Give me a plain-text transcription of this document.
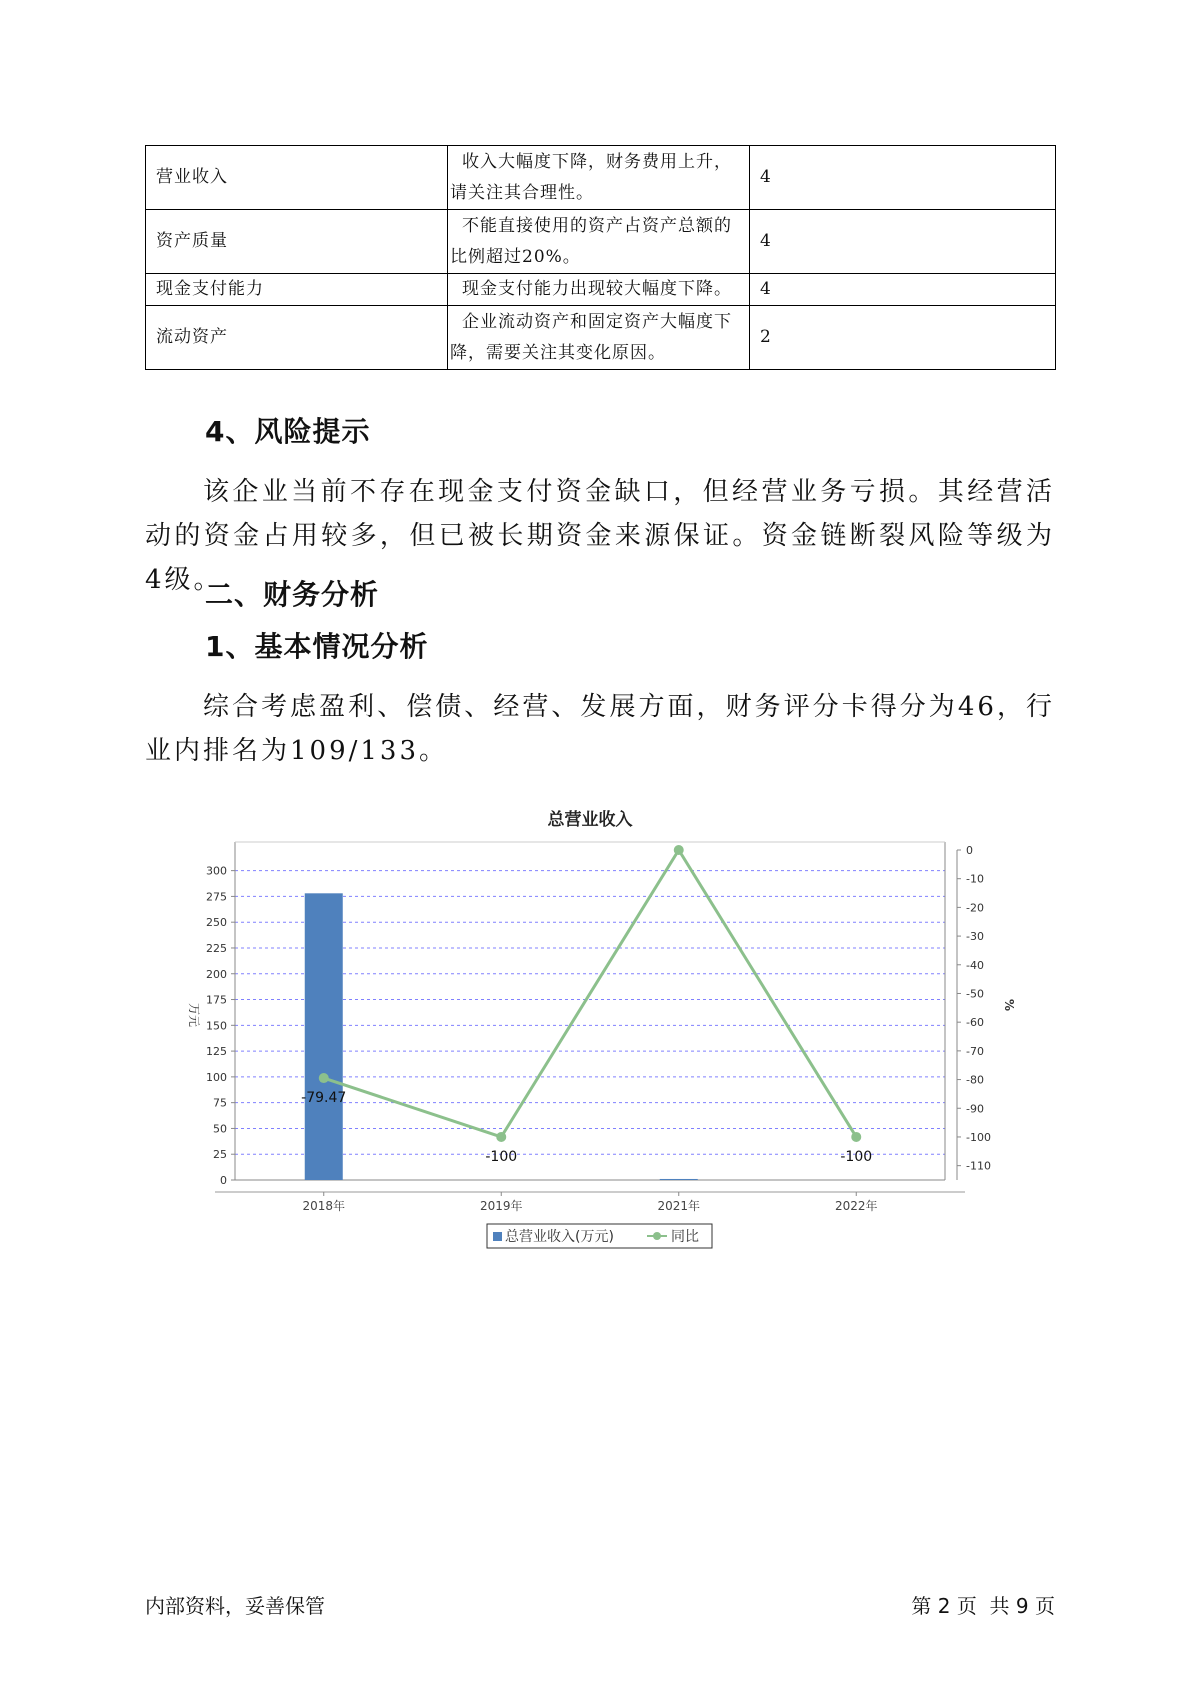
营业收入	收入大幅度下降，财务费用上升，请关注其合理性。	4
资产质量	不能直接使用的资产占资产总额的比例超过20%。	4
现金支付能力	现金支付能力出现较大幅度下降。	4
流动资产	企业流动资产和固定资产大幅度下降，需要关注其变化原因。	2
4、风险提示
该企业当前不存在现金支付资金缺口，但经营业务亏损。其经营活动的资金占用较多，但已被长期资金来源保证。资金链断裂风险等级为4级。
二、财务分析
1、基本情况分析
综合考虑盈利、偿债、经营、发展方面，财务评分卡得分为46，行业内排名为109/133。
总营业收入
0
25
50
75
100
125
150
175
200
225
250
275
300
0
-10
-20
-30
-40
-50
-60
-70
-80
-90
-100
-110
万元	%
2018年	2019年	2021年	2022年
-79.47
-100	-100
总营业收入(万元)	同比
内部资料，妥善保管	第 2 页  共 9 页
